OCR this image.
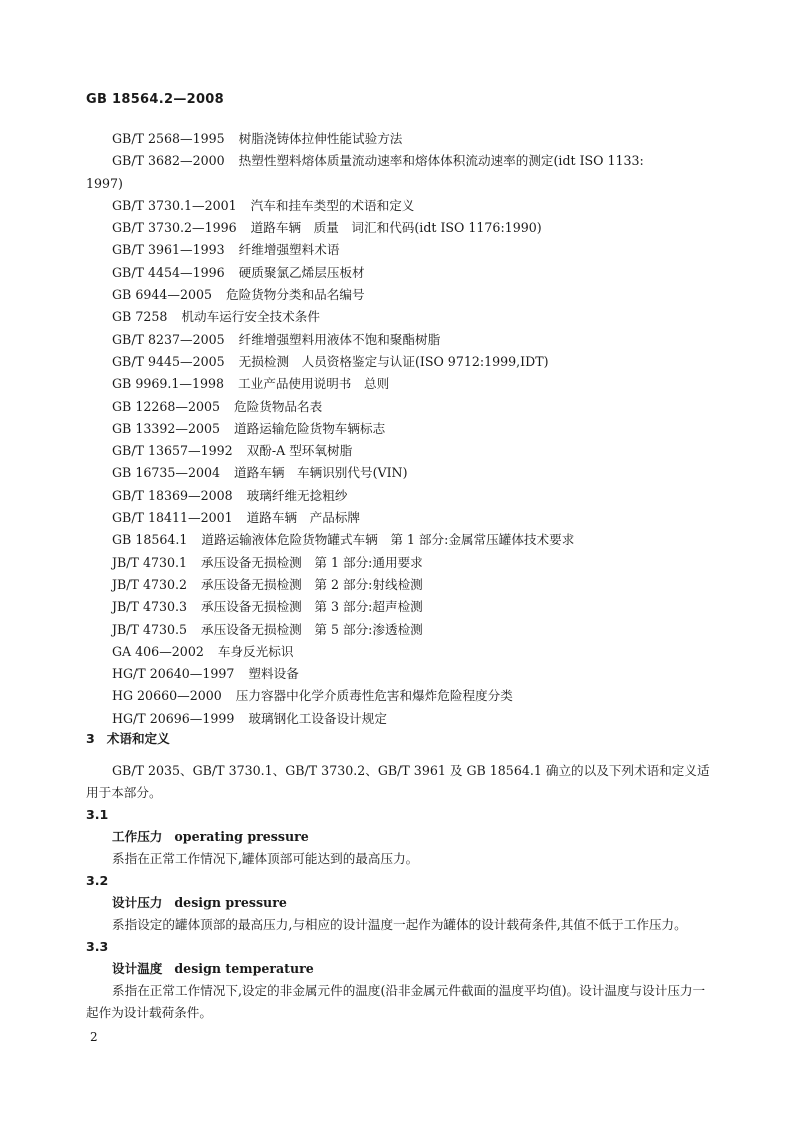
GB 18564.2—2008
GB/T 2568—1995 树脂浇铸体拉伸性能试验方法
GB/T 3682—2000 热塑性塑料熔体质量流动速率和熔体体积流动速率的测定(idt ISO 1133:
1997)
GB/T 3730.1—2001 汽车和挂车类型的术语和定义
GB/T 3730.2—1996 道路车辆　质量　词汇和代码(idt ISO 1176:1990)
GB/T 3961—1993 纤维增强塑料术语
GB/T 4454—1996 硬质聚氯乙烯层压板材
GB 6944—2005 危险货物分类和品名编号
GB 7258 机动车运行安全技术条件
GB/T 8237—2005 纤维增强塑料用液体不饱和聚酯树脂
GB/T 9445—2005 无损检测　人员资格鉴定与认证(ISO 9712:1999,IDT)
GB 9969.1—1998 工业产品使用说明书　总则
GB 12268—2005 危险货物品名表
GB 13392—2005 道路运输危险货物车辆标志
GB/T 13657—1992 双酚-A 型环氧树脂
GB 16735—2004 道路车辆　车辆识别代号(VIN)
GB/T 18369—2008 玻璃纤维无捻粗纱
GB/T 18411—2001 道路车辆　产品标牌
GB 18564.1 道路运输液体危险货物罐式车辆　第 1 部分:金属常压罐体技术要求
JB/T 4730.1 承压设备无损检测　第 1 部分:通用要求
JB/T 4730.2 承压设备无损检测　第 2 部分:射线检测
JB/T 4730.3 承压设备无损检测　第 3 部分:超声检测
JB/T 4730.5 承压设备无损检测　第 5 部分:渗透检测
GA 406—2002 车身反光标识
HG/T 20640—1997 塑料设备
HG 20660—2000 压力容器中化学介质毒性危害和爆炸危险程度分类
HG/T 20696—1999 玻璃钢化工设备设计规定
3 术语和定义
GB/T 2035、GB/T 3730.1、GB/T 3730.2、GB/T 3961 及 GB 18564.1 确立的以及下列术语和定义适用于本部分。
3.1
工作压力 operating pressure
系指在正常工作情况下,罐体顶部可能达到的最高压力。
3.2
设计压力 design pressure
系指设定的罐体顶部的最高压力,与相应的设计温度一起作为罐体的设计载荷条件,其值不低于工作压力。
3.3
设计温度 design temperature
系指在正常工作情况下,设定的非金属元件的温度(沿非金属元件截面的温度平均值)。设计温度与设计压力一起作为设计载荷条件。
2
